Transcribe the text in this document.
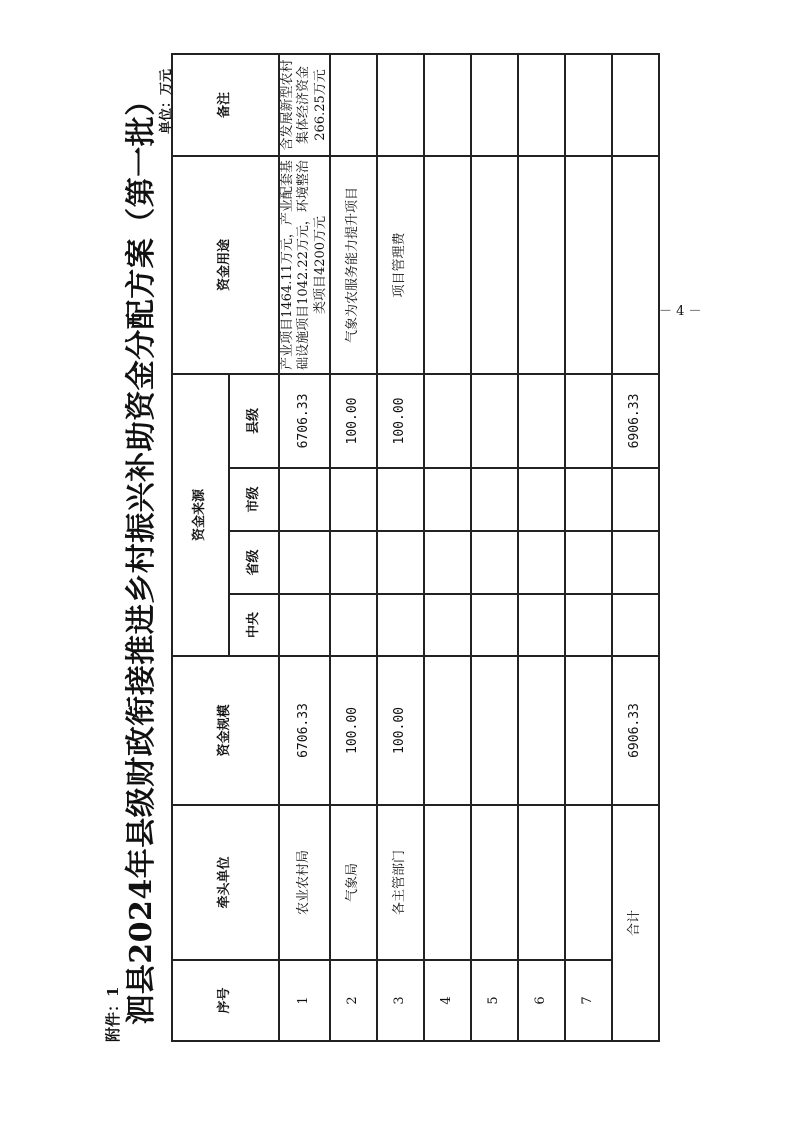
附件：1 泗县2024年县级财政衔接推进乡村振兴补助资金分配方案（第一批） 单位：万元
序号	牵头单位	资金规模	资金来源				资金用途	备注
			中央	省级	市级	县级		
1	农业农村局	6706.33				6706.33	产业项目1464.11万元，产业配套基础设施项目1042.22万元，环境整治类项目4200万元	含发展新型农村集体经济资金266.25万元
2	气象局	100.00				100.00	气象为农服务能力提升项目	
3	各主管部门	100.00				100.00	项目管理费	
4								
5								
6								
7								
合计		6906.33				6906.33		
－ 4 －
